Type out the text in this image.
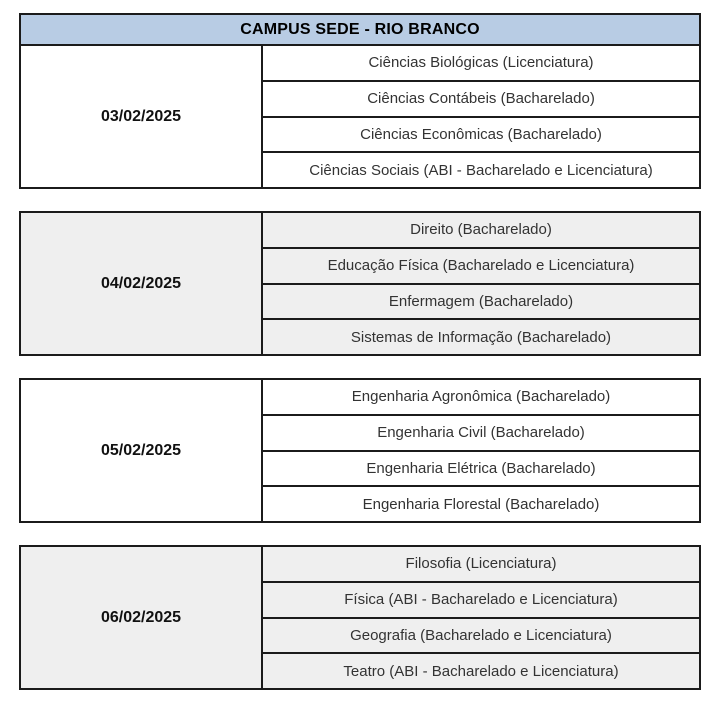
CAMPUS SEDE - RIO BRANCO
03/02/2025
Ciências Biológicas (Licenciatura)
Ciências Contábeis (Bacharelado)
Ciências Econômicas (Bacharelado)
Ciências Sociais (ABI - Bacharelado e Licenciatura)
04/02/2025
Direito (Bacharelado)
Educação Física (Bacharelado e Licenciatura)
Enfermagem (Bacharelado)
Sistemas de Informação (Bacharelado)
05/02/2025
Engenharia Agronômica (Bacharelado)
Engenharia Civil (Bacharelado)
Engenharia Elétrica (Bacharelado)
Engenharia Florestal (Bacharelado)
06/02/2025
Filosofia (Licenciatura)
Física (ABI - Bacharelado e Licenciatura)
Geografia (Bacharelado e Licenciatura)
Teatro (ABI - Bacharelado e Licenciatura)
